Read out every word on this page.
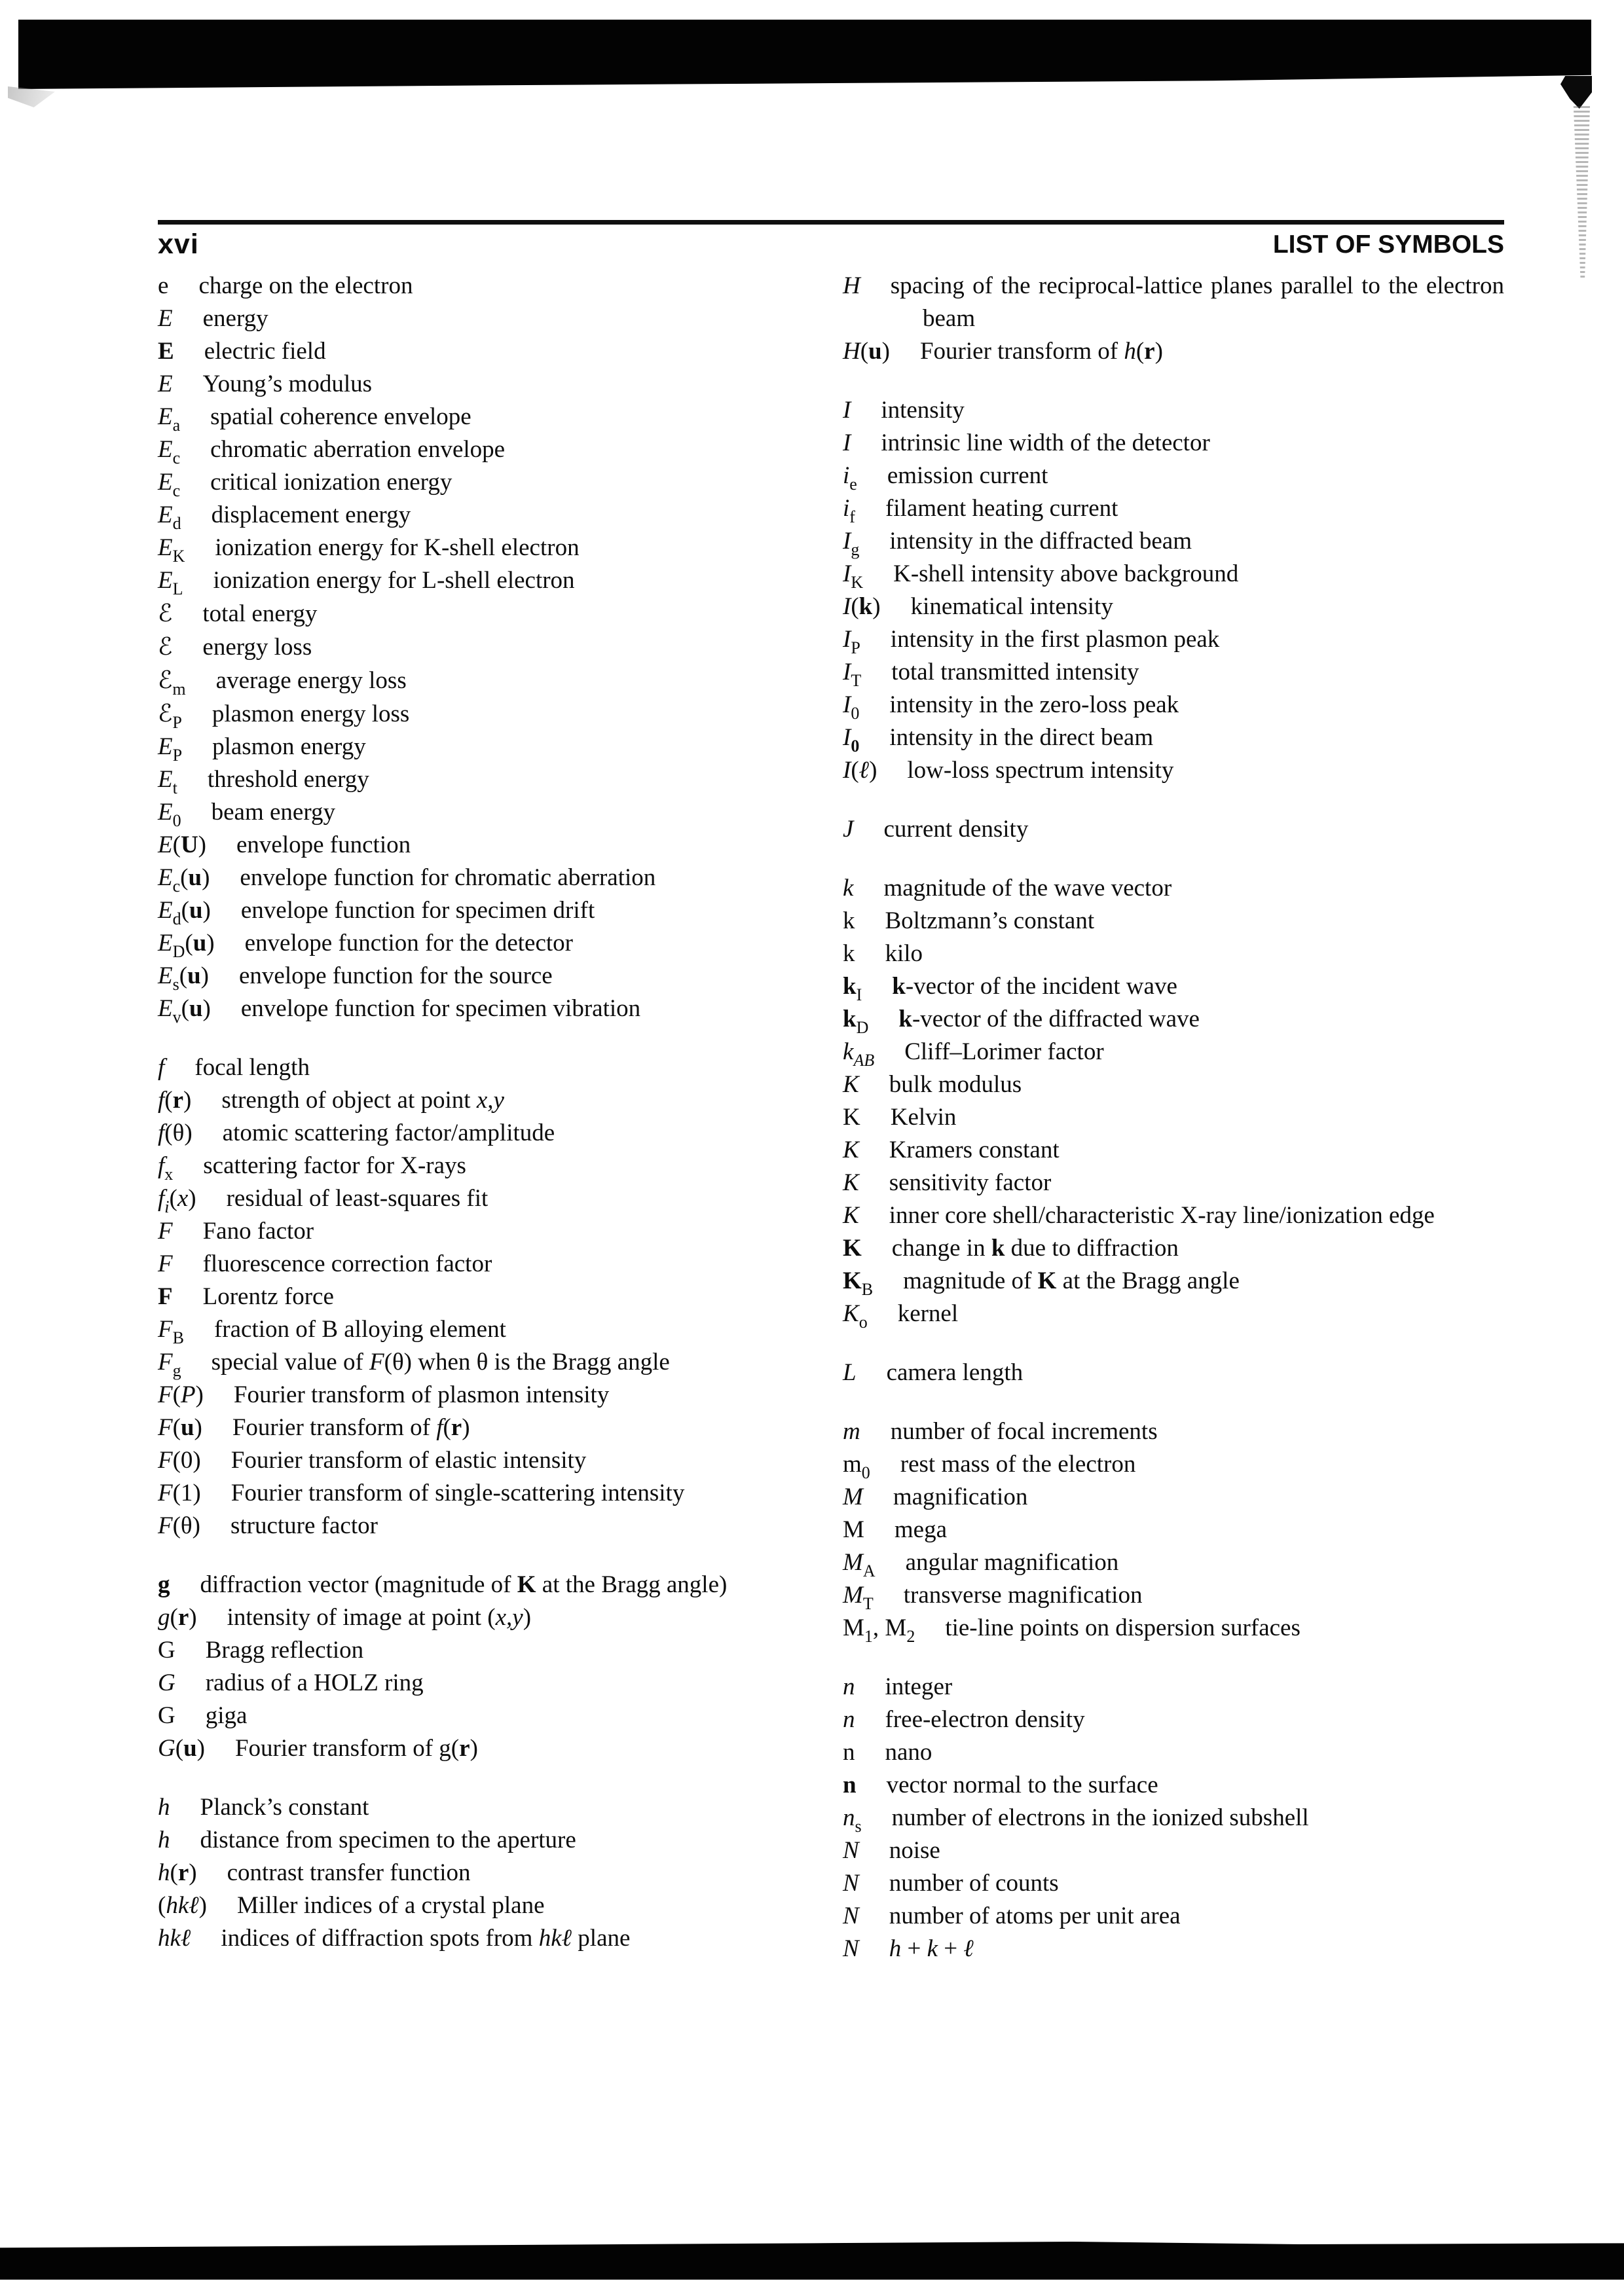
xvi	LIST OF SYMBOLS
e charge on the electron
E energy
E electric field
E Young’s modulus
$E_a$ spatial coherence envelope
$E_c$ chromatic aberration envelope
$E_c$ critical ionization energy
$E_d$ displacement energy
$E_K$ ionization energy for K-shell electron
$E_L$ ionization energy for L-shell electron
ℰ total energy
ℰ energy loss
ℰ$_m$ average energy loss
ℰ$_P$ plasmon energy loss
$E_P$ plasmon energy
$E_t$ threshold energy
$E_0$ beam energy
E(U) envelope function
$E_c(u)$ envelope function for chromatic aberration
$E_d(u)$ envelope function for specimen drift
$E_D(u)$ envelope function for the detector
$E_s(u)$ envelope function for the source
$E_v(u)$ envelope function for specimen vibration
f focal length
f(r) strength of object at point x,y
f(θ) atomic scattering factor/amplitude
$f_x$ scattering factor for X-rays
$f_i(x)$ residual of least-squares fit
F Fano factor
F fluorescence correction factor
F Lorentz force
$F_B$ fraction of B alloying element
$F_g$ special value of F(θ) when θ is the Bragg angle
F(P) Fourier transform of plasmon intensity
F(u) Fourier transform of f(r)
F(0) Fourier transform of elastic intensity
F(1) Fourier transform of single-scattering intensity
F(θ) structure factor
g diffraction vector (magnitude of K at the Bragg angle)
g(r) intensity of image at point (x,y)
G Bragg reflection
G radius of a HOLZ ring
G giga
G(u) Fourier transform of g(r)
h Planck’s constant
h distance from specimen to the aperture
h(r) contrast transfer function
(hkℓ) Miller indices of a crystal plane
hkℓ indices of diffraction spots from hkℓ plane
H spacing of the reciprocal-lattice planes parallel to the electron beam
H(u) Fourier transform of h(r)
I intensity
I intrinsic line width of the detector
$i_e$ emission current
$i_f$ filament heating current
$I_g$ intensity in the diffracted beam
$I_K$ K-shell intensity above background
I(k) kinematical intensity
$I_P$ intensity in the first plasmon peak
$I_T$ total transmitted intensity
$I_0$ intensity in the zero-loss peak
$I_0$ intensity in the direct beam
I(ℓ) low-loss spectrum intensity
J current density
k magnitude of the wave vector
k Boltzmann’s constant
k kilo
$k_I$ k-vector of the incident wave
$k_D$ k-vector of the diffracted wave
$k_{AB}$ Cliff–Lorimer factor
K bulk modulus
K Kelvin
K Kramers constant
K sensitivity factor
K inner core shell/characteristic X-ray line/ionization edge
K change in k due to diffraction
$K_B$ magnitude of K at the Bragg angle
$K_o$ kernel
L camera length
m number of focal increments
$m_0$ rest mass of the electron
M magnification
M mega
$M_A$ angular magnification
$M_T$ transverse magnification
$M_1$, $M_2$ tie-line points on dispersion surfaces
n integer
n free-electron density
n nano
n vector normal to the surface
$n_s$ number of electrons in the ionized subshell
N noise
N number of counts
N number of atoms per unit area
N h + k + ℓ
